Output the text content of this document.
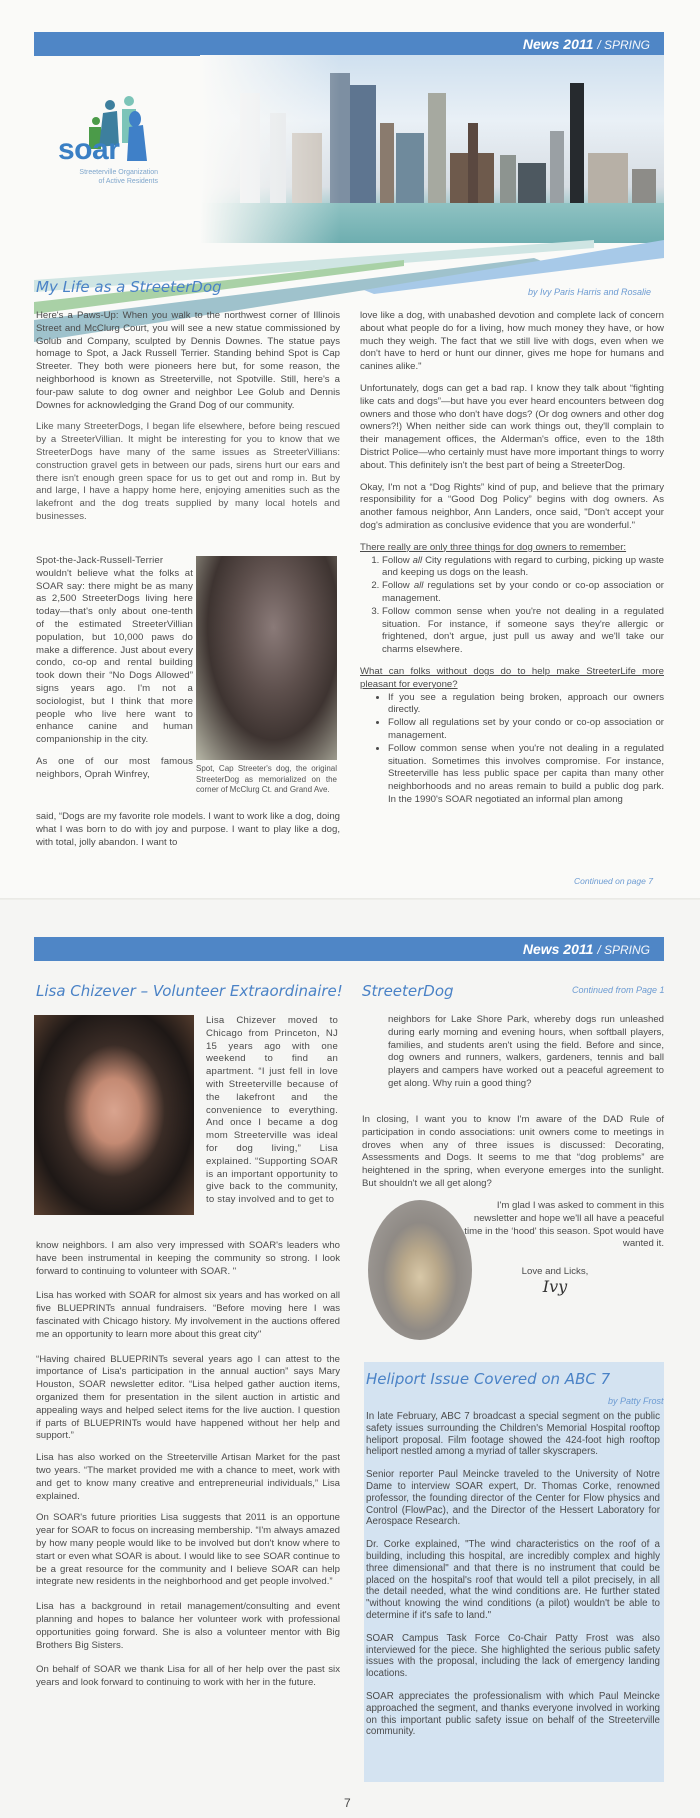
News 2011 / SPRING
soar
Streeterville Organization
of Active Residents
My Life as a StreeterDog	by Ivy Paris Harris and Rosalie

Here's a Paws-Up: When you walk to the northwest corner of Illinois Street and McClurg Court, you will see a new statue commissioned by Golub and Company, sculpted by Dennis Downes. The statue pays homage to Spot, a Jack Russell Terrier. Standing behind Spot is Cap Streeter. They both were pioneers here but, for some reason, the neighborhood is known as Streeterville, not Spotville. Still, here's a four-paw salute to dog owner and neighbor Lee Golub and Dennis Downes for acknowledging the Grand Dog of our community.

Like many StreeterDogs, I began life elsewhere, before being rescued by a StreeterVillian. It might be interesting for you to know that we StreeterDogs have many of the same issues as StreeterVillians: construction gravel gets in between our pads, sirens hurt our ears and there isn't enough green space for us to get out and romp in. But by and large, I have a happy home here, enjoying amenities such as the lakefront and the dog treats supplied by many local hotels and businesses.

Spot-the-Jack-Russell-Terrier wouldn't believe what the folks at SOAR say: there might be as many as 2,500 StreeterDogs living here today—that's only about one-tenth of the estimated StreeterVillian population, but 10,000 paws do make a difference. Just about every condo, co-op and rental building took down their “No Dogs Allowed” signs years ago. I'm not a sociologist, but I think that more people who live here want to enhance canine and human companionship in the city.

As one of our most famous neighbors, Oprah Winfrey,

Spot, Cap Streeter's dog, the original StreeterDog as memorialized on the corner of McClurg Ct. and Grand Ave.

said, “Dogs are my favorite role models. I want to work like a dog, doing what I was born to do with joy and purpose. I want to play like a dog, with total, jolly abandon. I want to

love like a dog, with unabashed devotion and complete lack of concern about what people do for a living, how much money they have, or how much they weigh. The fact that we still live with dogs, even when we don't have to herd or hunt our dinner, gives me hope for humans and canines alike."

Unfortunately, dogs can get a bad rap. I know they talk about “fighting like cats and dogs”—but have you ever heard encounters between dog owners and those who don't have dogs? (Or dog owners and other dog owners?!) When neither side can work things out, they'll complain to their management offices, the Alderman's office, even to the 18th District Police—who certainly must have more important things to worry about. This definitely isn't the best part of being a StreeterDog.

Okay, I'm not a “Dog Rights” kind of pup, and believe that the primary responsibility for a “Good Dog Policy” begins with dog owners. As another famous neighbor, Ann Landers, once said, "Don't accept your dog's admiration as conclusive evidence that you are wonderful."

There really are only three things for dog owners to remember:
1. Follow all City regulations with regard to curbing, picking up waste and keeping us dogs on the leash.
2. Follow all regulations set by your condo or co-op association or management.
3. Follow common sense when you're not dealing in a regulated situation. For instance, if someone says they're allergic or frightened, don't argue, just pull us away and we'll take our charms elsewhere.
What can folks without dogs do to help make StreeterLife more pleasant for everyone?
• If you see a regulation being broken, approach our owners directly.
• Follow all regulations set by your condo or co-op association or management.
• Follow common sense when you're not dealing in a regulated situation. Sometimes this involves compromise. For instance, Streeterville has less public space per capita than many other neighborhoods and no areas remain to build a public dog park. In the 1990's SOAR negotiated an informal plan among
Continued on page 7
News 2011 / SPRING
Lisa Chizever – Volunteer Extraordinaire! StreeterDog	Continued from Page 1

Lisa Chizever moved to Chicago from Princeton, NJ 15 years ago with one weekend to find an apartment. “I just fell in love with Streeterville because of the lakefront and the convenience to everything. And once I became a dog mom Streeterville was ideal for dog living,” Lisa explained. “Supporting SOAR is an important opportunity to give back to the community, to stay involved and to get to

know neighbors. I am also very impressed with SOAR's leaders who have been instrumental in keeping the community so strong. I look forward to continuing to volunteer with SOAR. "

Lisa has worked with SOAR for almost six years and has worked on all five BLUEPRINTs annual fundraisers. “Before moving here I was fascinated with Chicago history. My involvement in the auctions offered me an opportunity to learn more about this great city"

“Having chaired BLUEPRINTs several years ago I can attest to the importance of Lisa's participation in the annual auction” says Mary Houston, SOAR newsletter editor. “Lisa helped gather auction items, organized them for presentation in the silent auction in artistic and appealing ways and helped select items for the live auction. I question if parts of BLUEPRINTs would have happened without her help and support.”

Lisa has also worked on the Streeterville Artisan Market for the past two years. “The market provided me with a chance to meet, work with and get to know many creative and entrepreneurial individuals,” Lisa explained.

On SOAR's future priorities Lisa suggests that 2011 is an opportune year for SOAR to focus on increasing membership. “I'm always amazed by how many people would like to be involved but don't know where to start or even what SOAR is about. I would like to see SOAR continue to be a great resource for the community and I believe SOAR can help integrate new residents in the neighborhood and get people involved.”

Lisa has a background in retail management/consulting and event planning and hopes to balance her volunteer work with professional opportunities going forward. She is also a volunteer mentor with Big Brothers Big Sisters.

On behalf of SOAR we thank Lisa for all of her help over the past six years and look forward to continuing to work with her in the future.

neighbors for Lake Shore Park, whereby dogs run unleashed during early morning and evening hours, when softball players, families, and students aren't using the field. Before and since, dog owners and runners, walkers, gardeners, tennis and ball players and campers have worked out a peaceful agreement to get along. Why ruin a good thing?

In closing, I want you to know I'm aware of the DAD Rule of participation in condo associations: unit owners come to meetings in droves when any of three issues is discussed: Decorating, Assessments and Dogs. It seems to me that “dog problems” are heightened in the spring, when everyone emerges into the sunlight. But shouldn't we all get along?

I'm glad I was asked to comment in this newsletter and hope we'll all have a peaceful time in the ‘hood' this season. Spot would have wanted it.

Love and Licks,
Ivy
Heliport Issue Covered on ABC 7
by Patty Frost

In late February, ABC 7 broadcast a special segment on the public safety issues surrounding the Children's Memorial Hospital rooftop heliport proposal. Film footage showed the 424-foot high rooftop heliport nestled among a myriad of taller skyscrapers.

Senior reporter Paul Meincke traveled to the University of Notre Dame to interview SOAR expert, Dr. Thomas Corke, renowned professor, the founding director of the Center for Flow physics and Control (FlowPac), and the Director of the Hessert Laboratory for Aerospace Research.

Dr. Corke explained, "The wind characteristics on the roof of a building, including this hospital, are incredibly complex and highly three dimensional" and that there is no instrument that could be placed on the hospital's roof that would tell a pilot precisely, in all the detail needed, what the wind conditions are. He further stated "without knowing the wind conditions (a pilot) wouldn't be able to determine if it's safe to land."

SOAR Campus Task Force Co-Chair Patty Frost was also interviewed for the piece. She highlighted the serious public safety issues with the proposal, including the lack of emergency landing locations.

SOAR appreciates the professionalism with which Paul Meincke approached the segment, and thanks everyone involved in working on this important public safety issue on behalf of the Streeterville community.

7
